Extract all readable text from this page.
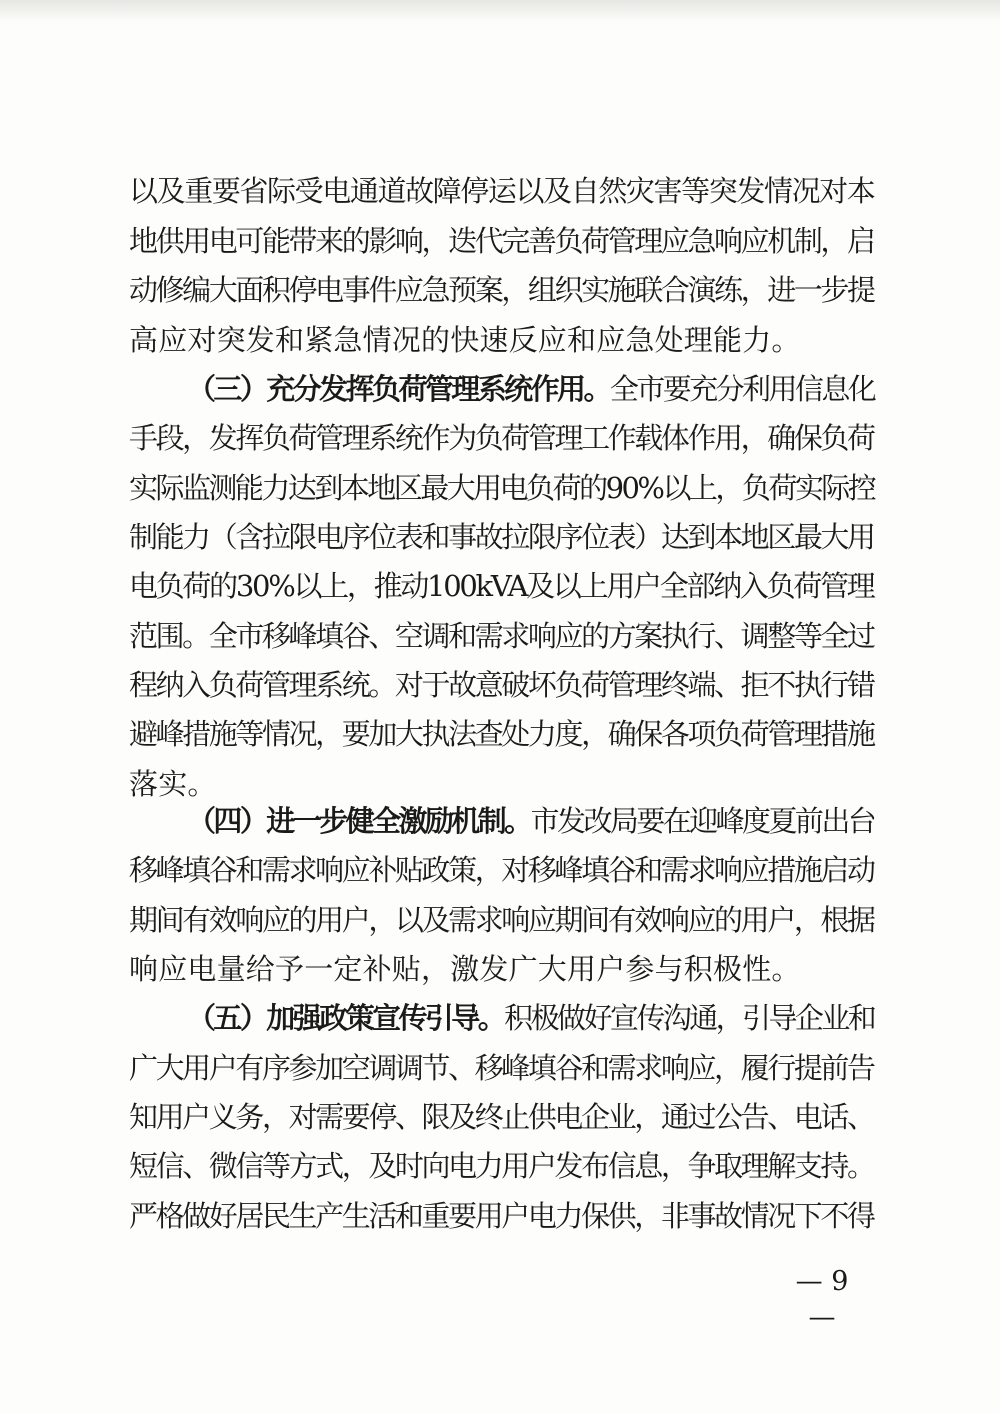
以及重要省际受电通道故障停运以及自然灾害等突发情况对本
地供用电可能带来的影响，迭代完善负荷管理应急响应机制，启
动修编大面积停电事件应急预案，组织实施联合演练，进一步提
高应对突发和紧急情况的快速反应和应急处理能力。
（三）充分发挥负荷管理系统作用。全市要充分利用信息化
手段，发挥负荷管理系统作为负荷管理工作载体作用，确保负荷
实际监测能力达到本地区最大用电负荷的90%以上，负荷实际控
制能力（含拉限电序位表和事故拉限序位表）达到本地区最大用
电负荷的30%以上，推动100kVA及以上用户全部纳入负荷管理
范围。全市移峰填谷、空调和需求响应的方案执行、调整等全过
程纳入负荷管理系统。对于故意破坏负荷管理终端、拒不执行错
避峰措施等情况，要加大执法查处力度，确保各项负荷管理措施
落实。
（四）进一步健全激励机制。市发改局要在迎峰度夏前出台
移峰填谷和需求响应补贴政策，对移峰填谷和需求响应措施启动
期间有效响应的用户，以及需求响应期间有效响应的用户，根据
响应电量给予一定补贴，激发广大用户参与积极性。
（五）加强政策宣传引导。积极做好宣传沟通，引导企业和
广大用户有序参加空调调节、移峰填谷和需求响应，履行提前告
知用户义务，对需要停、限及终止供电企业，通过公告、电话、
短信、微信等方式，及时向电力用户发布信息，争取理解支持。
严格做好居民生产生活和重要用户电力保供，非事故情况下不得
— 9 —
